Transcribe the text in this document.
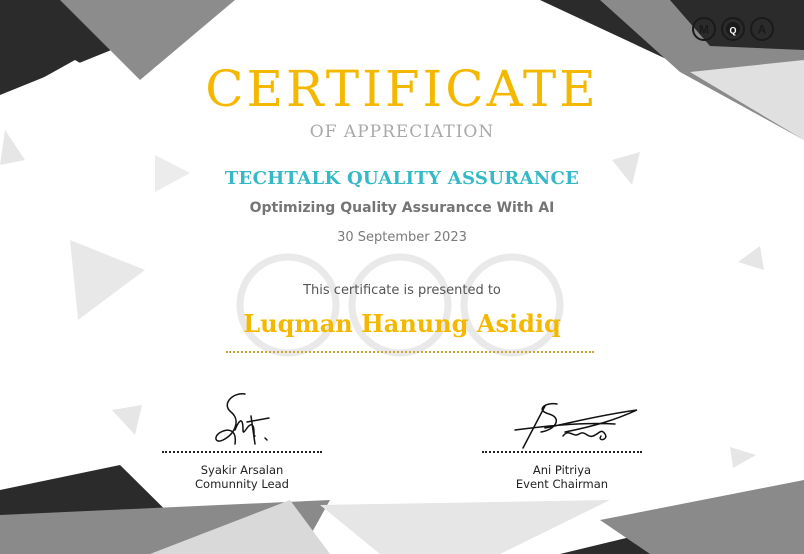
M	A
Q
CERTIFICATE
OF APPRECIATION
TECHTALK QUALITY ASSURANCE
Optimizing Quality Assurancce With AI
30 September 2023
This certificate is presented to
Luqman Hanung Asidiq
Syakir Arsalan
Comunnity Lead
Ani Pitriya
Event Chairman
